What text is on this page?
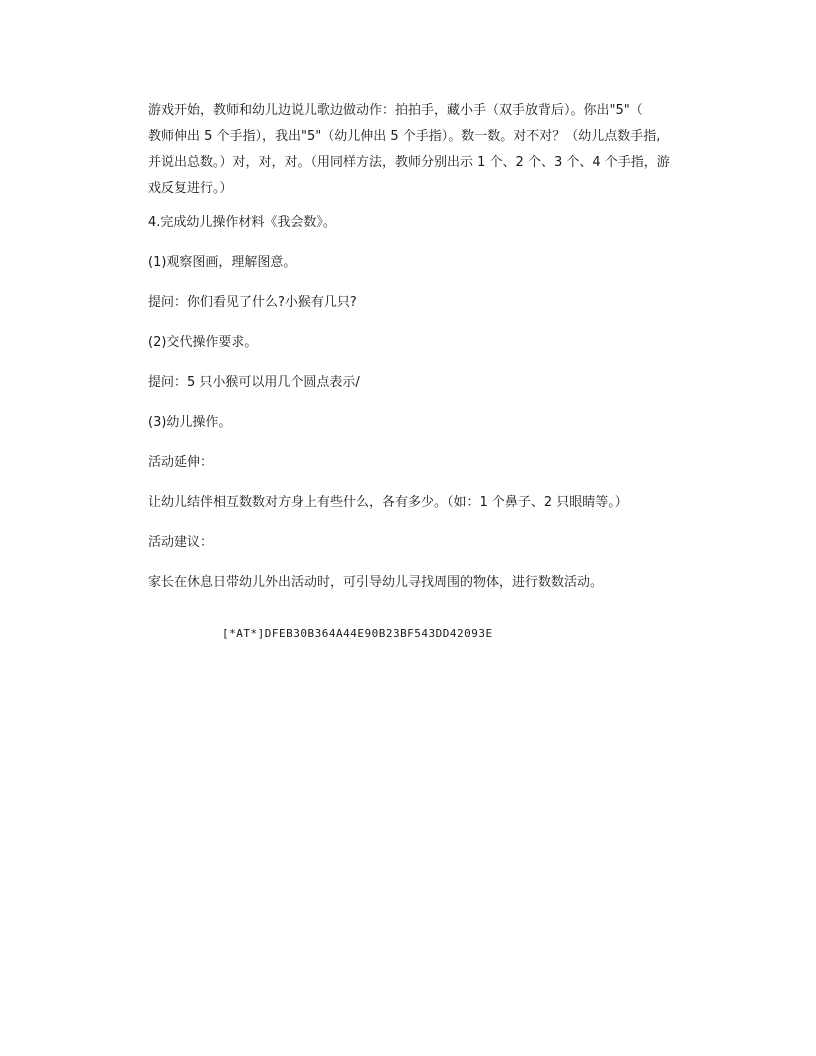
游戏开始，教师和幼儿边说儿歌边做动作：拍拍手，藏小手（双手放背后）。你出"5"（
教师伸出 5 个手指），我出"5"（幼儿伸出 5 个手指）。数一数。对不对？（幼儿点数手指,
并说出总数。）对，对，对。（用同样方法，教师分别出示 1 个、2 个、3 个、4 个手指，游
戏反复进行。）

4.完成幼儿操作材料《我会数》。

(1)观察图画，理解图意。

提问：你们看见了什么?小猴有几只?

(2)交代操作要求。

提问：5 只小猴可以用几个圆点表示/

(3)幼儿操作。

活动延伸：

让幼儿结伴相互数数对方身上有些什么，各有多少。（如：1 个鼻子、2 只眼睛等。）

活动建议：

家长在休息日带幼儿外出活动时，可引导幼儿寻找周围的物体，进行数数活动。

[*AT*]DFEB30B364A44E90B23BF543DD42093E
